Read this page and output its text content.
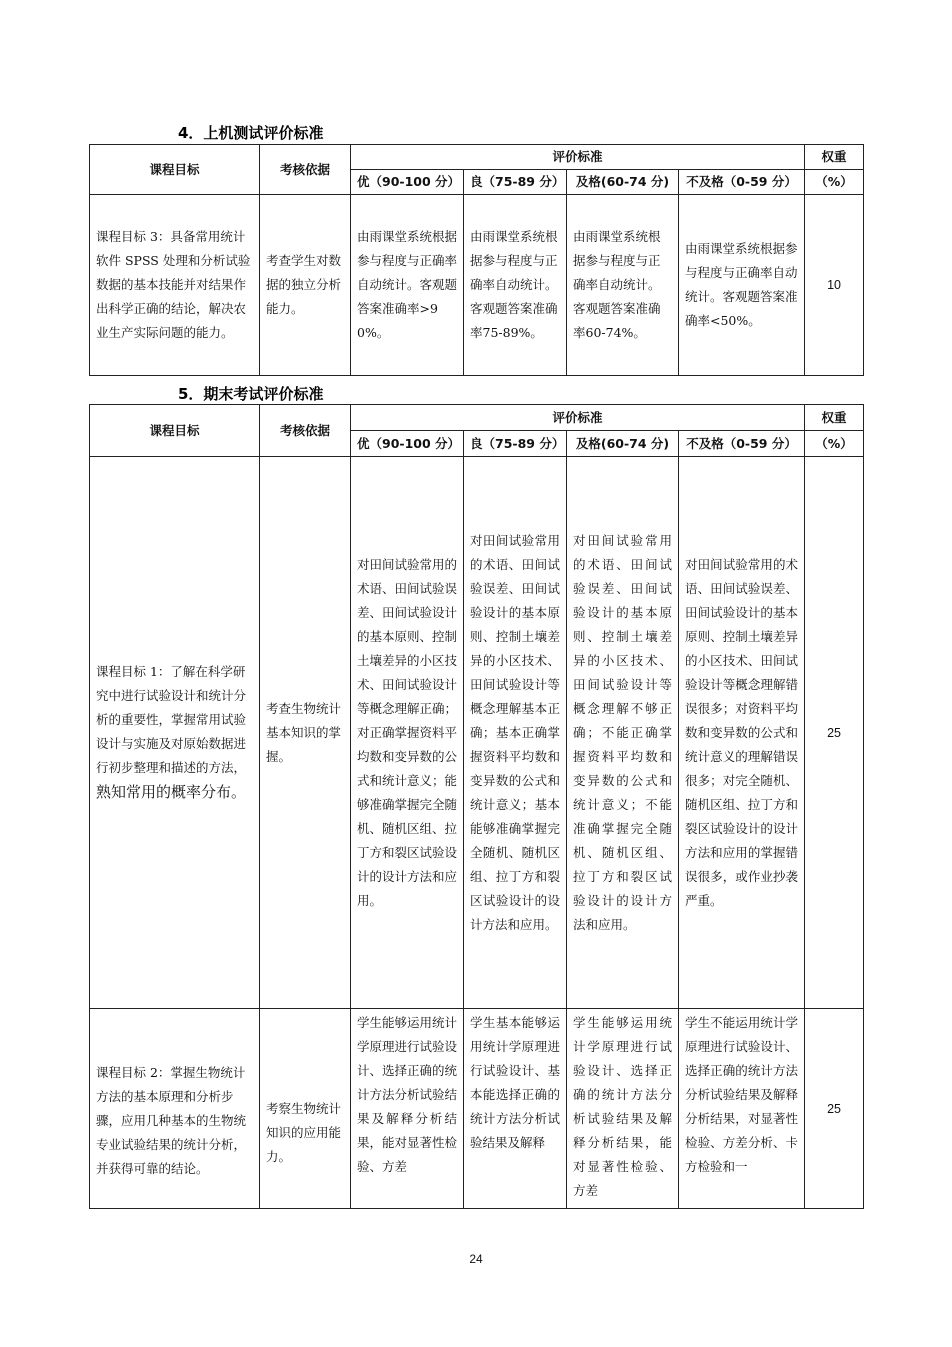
4．上机测试评价标准
课程目标	考核依据	评价标准				权重
		优（90-100 分）	良（75-89 分）	及格(60-74 分)	不及格（0-59 分）	（%）
课程目标 3：具备常用统计软件 SPSS 处理和分析试验数据的基本技能并对结果作出科学正确的结论，解决农业生产实际问题的能力。	考查学生对数据的独立分析能力。	由雨课堂系统根据参与程度与正确率自动统计。客观题答案准确率>90%。	由雨课堂系统根据参与程度与正确率自动统计。客观题答案准确率75-89%。	由雨课堂系统根据参与程度与正确率自动统计。客观题答案准确率60-74%。	由雨课堂系统根据参与程度与正确率自动统计。客观题答案准确率<50%。	10
5．期末考试评价标准
课程目标	考核依据	评价标准				权重
		优（90-100 分）	良（75-89 分）	及格(60-74 分)	不及格（0-59 分）	（%）
课程目标 1：了解在科学研究中进行试验设计和统计分析的重要性，掌握常用试验设计与实施及对原始数据进行初步整理和描述的方法，熟知常用的概率分布。	考查生物统计基本知识的掌握。	对田间试验常用的术语、田间试验误差、田间试验设计的基本原则、控制土壤差异的小区技术、田间试验设计等概念理解正确；对正确掌握资料平均数和变异数的公式和统计意义；能够准确掌握完全随机、随机区组、拉丁方和裂区试验设计的设计方法和应用。	对田间试验常用的术语、田间试验误差、田间试验设计的基本原则、控制土壤差异的小区技术、田间试验设计等概念理解基本正确；基本正确掌握资料平均数和变异数的公式和统计意义；基本能够准确掌握完全随机、随机区组、拉丁方和裂区试验设计的设计方法和应用。	对田间试验常用的术语、田间试验误差、田间试验设计的基本原则、控制土壤差异的小区技术、田间试验设计等概念理解不够正确；不能正确掌握资料平均数和变异数的公式和统计意义；不能准确掌握完全随机、随机区组、拉丁方和裂区试验设计的设计方法和应用。	对田间试验常用的术语、田间试验误差、田间试验设计的基本原则、控制土壤差异的小区技术、田间试验设计等概念理解错误很多；对资料平均数和变异数的公式和统计意义的理解错误很多；对完全随机、随机区组、拉丁方和裂区试验设计的设计方法和应用的掌握错误很多，或作业抄袭严重。	25
课程目标 2：掌握生物统计方法的基本原理和分析步骤，应用几种基本的生物统专业试验结果的统计分析，并获得可靠的结论。	考察生物统计知识的应用能力。	学生能够运用统计学原理进行试验设计、选择正确的统计方法分析试验结果及解释分析结果，能对显著性检验、方差	学生基本能够运用统计学原理进行试验设计、基本能选择正确的统计方法分析试验结果及解释	学生能够运用统计学原理进行试验设计、选择正确的统计方法分析试验结果及解释分析结果，能对显著性检验、方差	学生不能运用统计学原理进行试验设计、选择正确的统计方法分析试验结果及解释分析结果，对显著性检验、方差分析、卡方检验和一	25
24
